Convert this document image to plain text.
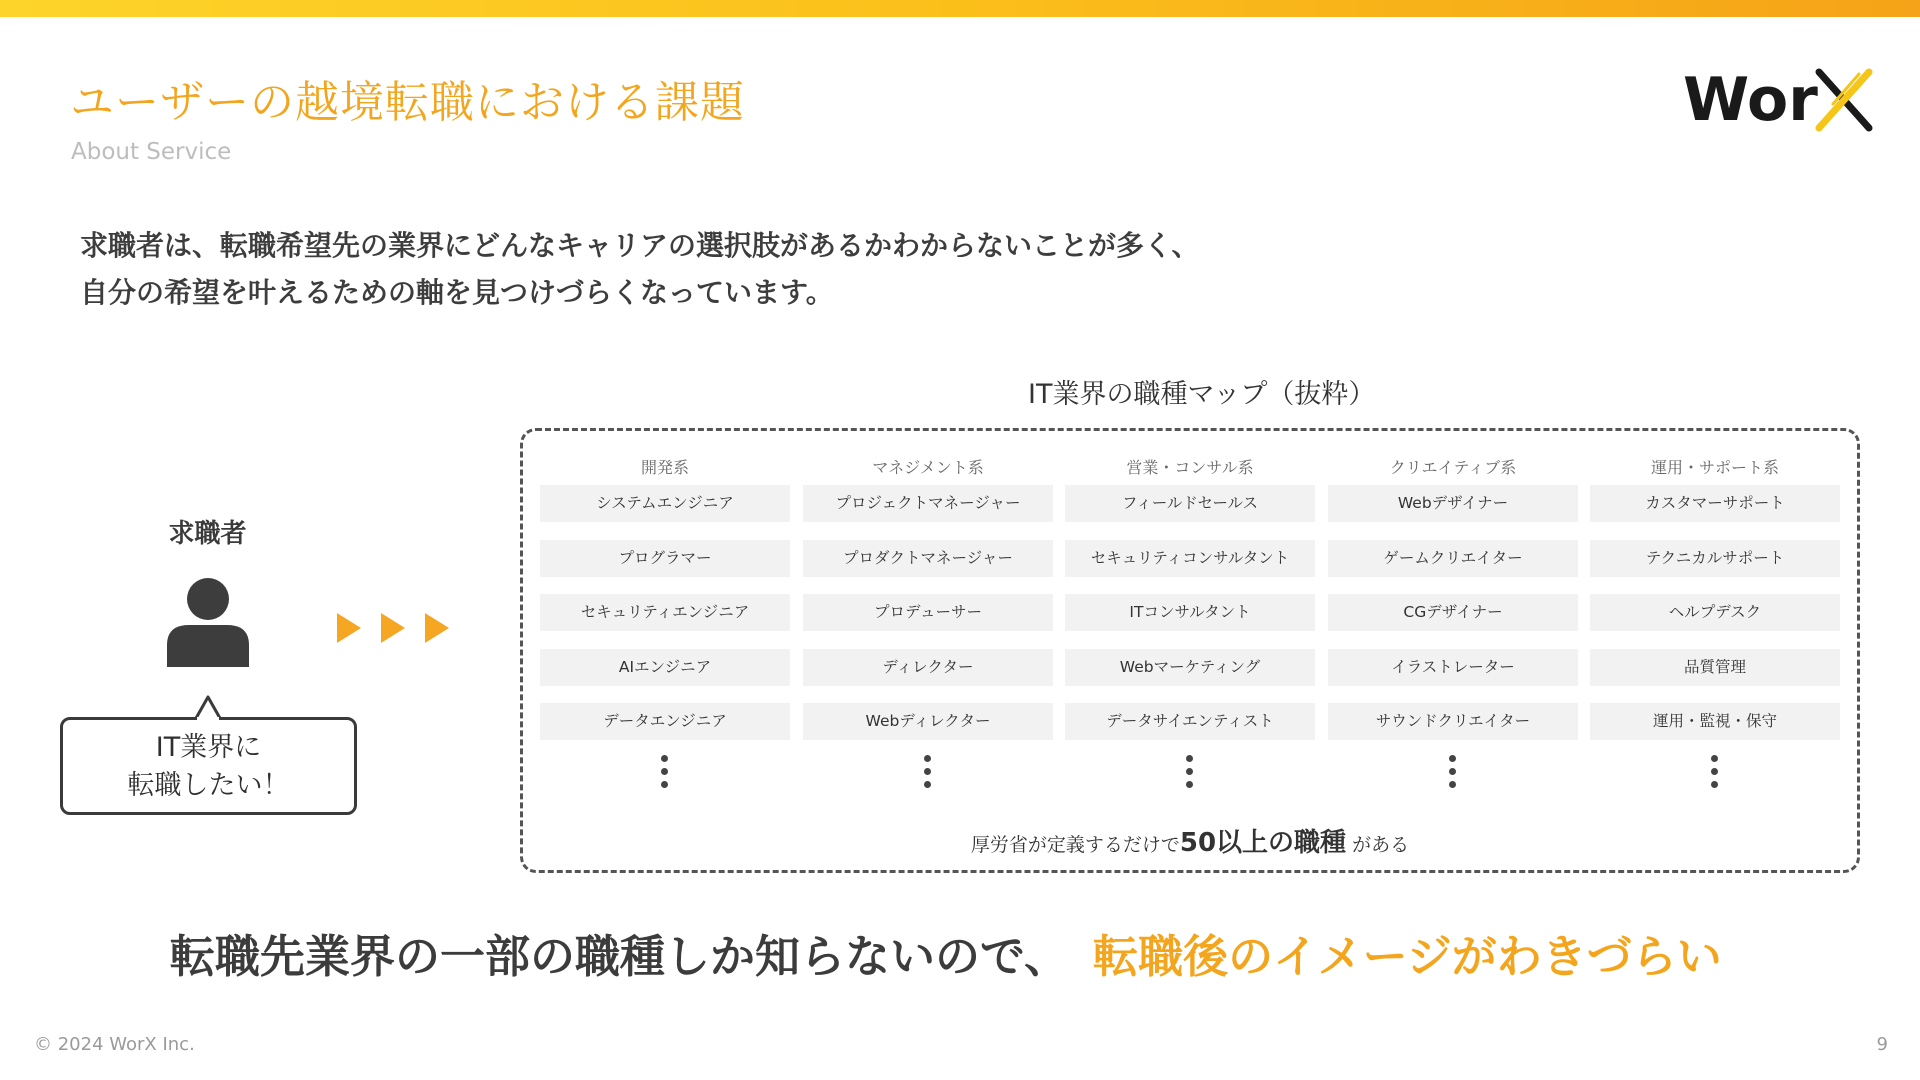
ユーザーの越境転職における課題
About Service
Wor

求職者は、転職希望先の業界にどんなキャリアの選択肢があるかわからないことが多く、
自分の希望を叶えるための軸を見つけづらくなっています。

求職者
IT業界に
転職したい！
IT業界の職種マップ（抜粋）
開発系
システムエンジニア
プログラマー
セキュリティエンジニア
AIエンジニア
データエンジニア
マネジメント系
プロジェクトマネージャー
プロダクトマネージャー
プロデューサー
ディレクター
Webディレクター
営業・コンサル系
フィールドセールス
セキュリティコンサルタント
ITコンサルタント
Webマーケティング
データサイエンティスト
クリエイティブ系
Webデザイナー
ゲームクリエイター
CGデザイナー
イラストレーター
サウンドクリエイター
運用・サポート系
カスタマーサポート
テクニカルサポート
ヘルプデスク
品質管理
運用・監視・保守
厚労省が定義するだけで50以上の職種 がある
転職先業界の一部の職種しか知らないので、 転職後のイメージがわきづらい
© 2024 WorX Inc.	9
